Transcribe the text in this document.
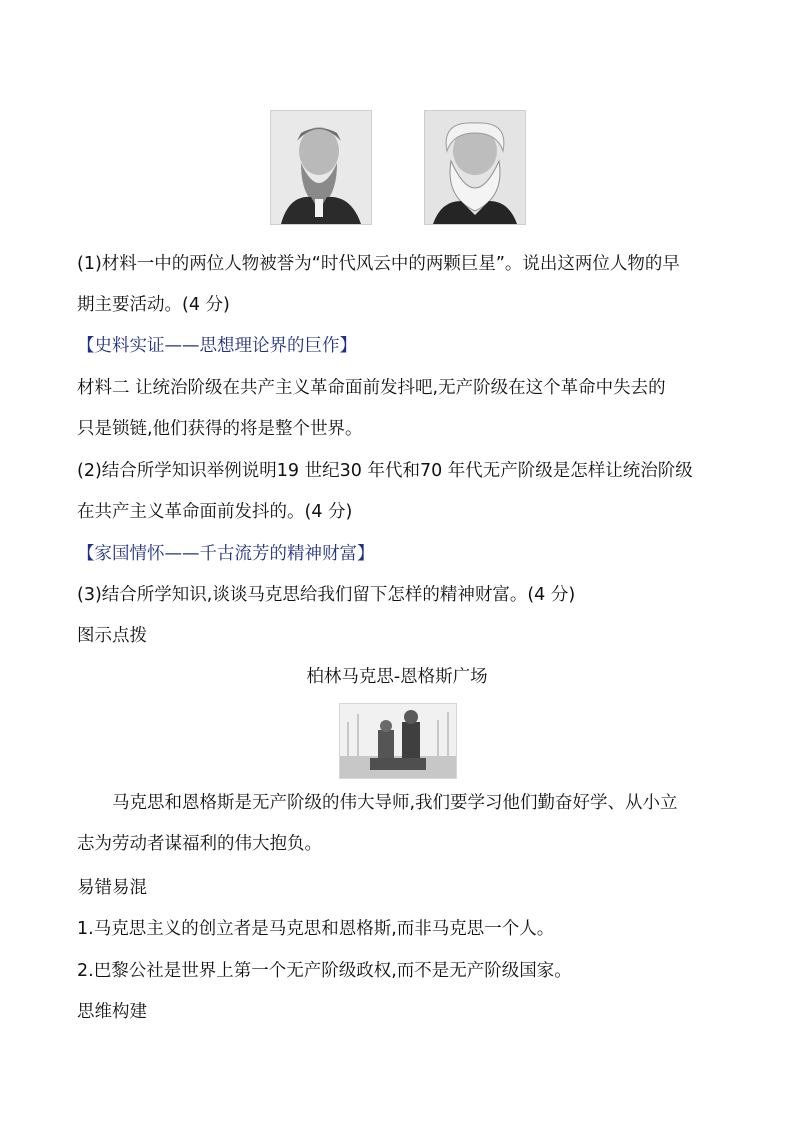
(1)材料一中的两位人物被誉为“时代风云中的两颗巨星”。说出这两位人物的早
期主要活动。(4 分)
【史料实证——思想理论界的巨作】
材料二 让统治阶级在共产主义革命面前发抖吧,无产阶级在这个革命中失去的
只是锁链,他们获得的将是整个世界。
(2)结合所学知识举例说明19 世纪30 年代和70 年代无产阶级是怎样让统治阶级
在共产主义革命面前发抖的。(4 分)
【家国情怀——千古流芳的精神财富】
(3)结合所学知识,谈谈马克思给我们留下怎样的精神财富。(4 分)
图示点拨
柏林马克思-恩格斯广场
马克思和恩格斯是无产阶级的伟大导师,我们要学习他们勤奋好学、从小立
志为劳动者谋福利的伟大抱负。
易错易混
1.马克思主义的创立者是马克思和恩格斯,而非马克思一个人。
2.巴黎公社是世界上第一个无产阶级政权,而不是无产阶级国家。
思维构建
